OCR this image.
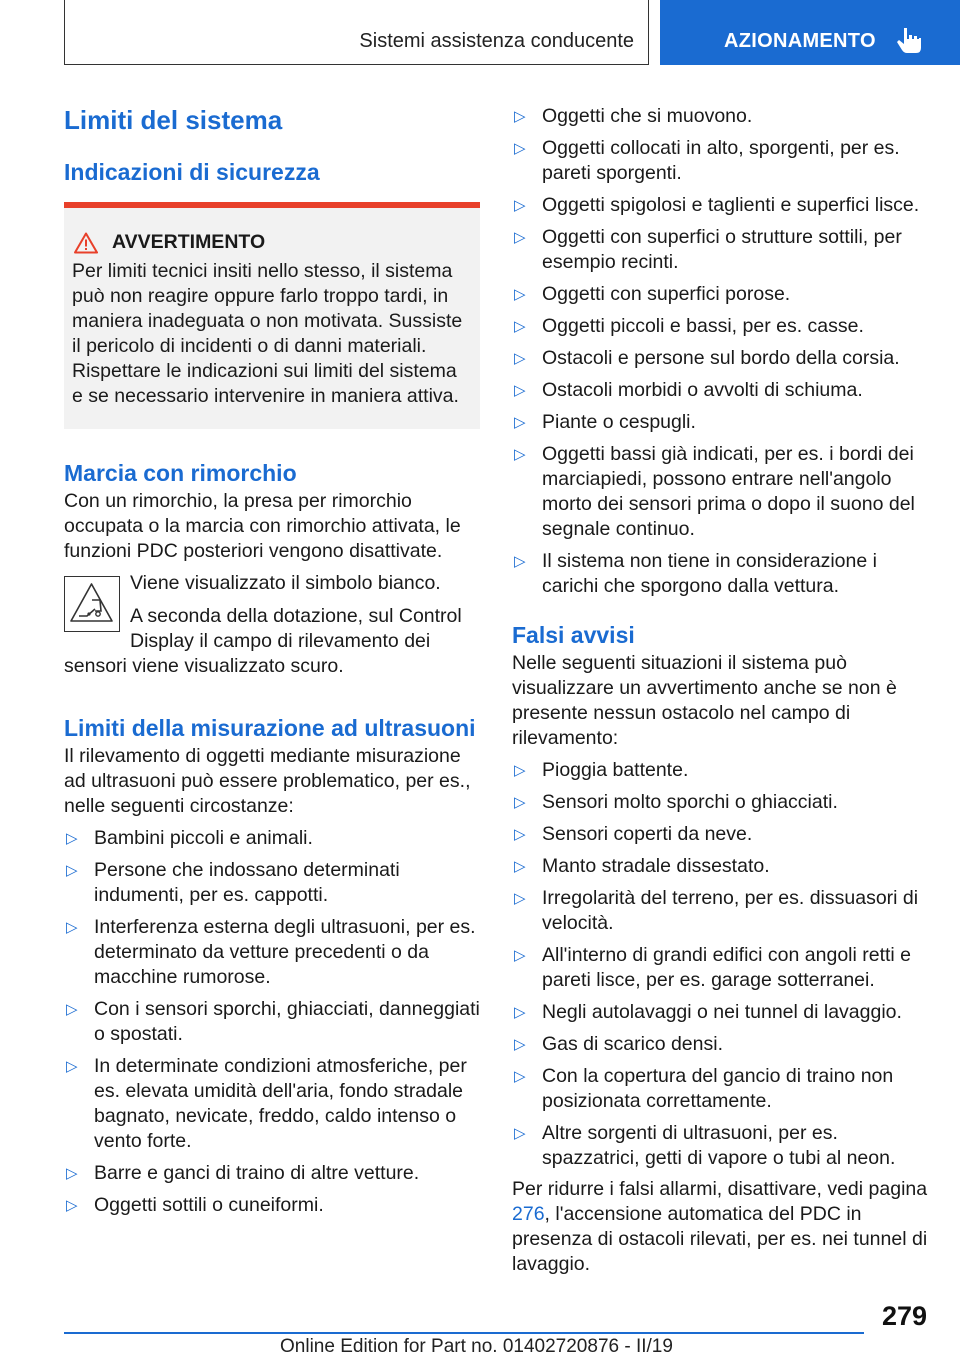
Sistemi assistenza conducente	AZIONAMENTO
Limiti del sistema
Indicazioni di sicurezza
AVVERTIMENTO

Per limiti tecnici insiti nello stesso, il sistema può non reagire oppure farlo troppo tardi, in maniera inadeguata o non motivata. Sussiste il pericolo di incidenti o di danni materiali. Rispettare le indicazioni sui limiti del sistema e se necessario intervenire in maniera attiva.

Marcia con rimorchio

Con un rimorchio, la presa per rimorchio occupata o la marcia con rimorchio attivata, le funzioni PDC posteriori vengono disattivate.

Viene visualizzato il simbolo bianco.

A seconda della dotazione, sul Control Display il campo di rilevamento dei sensori viene visualizzato scuro.

Limiti della misurazione ad ultrasuoni

Il rilevamento di oggetti mediante misurazione ad ultrasuoni può essere problematico, per es., nelle seguenti circostanze:

▷ Bambini piccoli e animali.
▷ Persone che indossano determinati indumenti, per es. cappotti.
▷ Interferenza esterna degli ultrasuoni, per es. determinato da vetture precedenti o da macchine rumorose.
▷ Con i sensori sporchi, ghiacciati, danneggiati o spostati.
▷ In determinate condizioni atmosferiche, per es. elevata umidità dell'aria, fondo stradale bagnato, nevicate, freddo, caldo intenso o vento forte.
▷ Barre e ganci di traino di altre vetture.
▷ Oggetti sottili o cuneiformi.
▷ Oggetti che si muovono.
▷ Oggetti collocati in alto, sporgenti, per es. pareti sporgenti.
▷ Oggetti spigolosi e taglienti e superfici lisce.
▷ Oggetti con superfici o strutture sottili, per esempio recinti.
▷ Oggetti con superfici porose.
▷ Oggetti piccoli e bassi, per es. casse.
▷ Ostacoli e persone sul bordo della corsia.
▷ Ostacoli morbidi o avvolti di schiuma.
▷ Piante o cespugli.
▷ Oggetti bassi già indicati, per es. i bordi dei marciapiedi, possono entrare nell'angolo morto dei sensori prima o dopo il suono del segnale continuo.
▷ Il sistema non tiene in considerazione i carichi che sporgono dalla vettura.
Falsi avvisi

Nelle seguenti situazioni il sistema può visualizzare un avvertimento anche se non è presente nessun ostacolo nel campo di rilevamento:

▷ Pioggia battente.
▷ Sensori molto sporchi o ghiacciati.
▷ Sensori coperti da neve.
▷ Manto stradale dissestato.
▷ Irregolarità del terreno, per es. dissuasori di velocità.
▷ All'interno di grandi edifici con angoli retti e pareti lisce, per es. garage sotterranei.
▷ Negli autolavaggi o nei tunnel di lavaggio.
▷ Gas di scarico densi.
▷ Con la copertura del gancio di traino non posizionata correttamente.
▷ Altre sorgenti di ultrasuoni, per es. spazzatrici, getti di vapore o tubi al neon.

Per ridurre i falsi allarmi, disattivare, vedi pagina 276, l'accensione automatica del PDC in presenza di ostacoli rilevati, per es. nei tunnel di lavaggio.

279
Online Edition for Part no. 01402720876 - II/19
